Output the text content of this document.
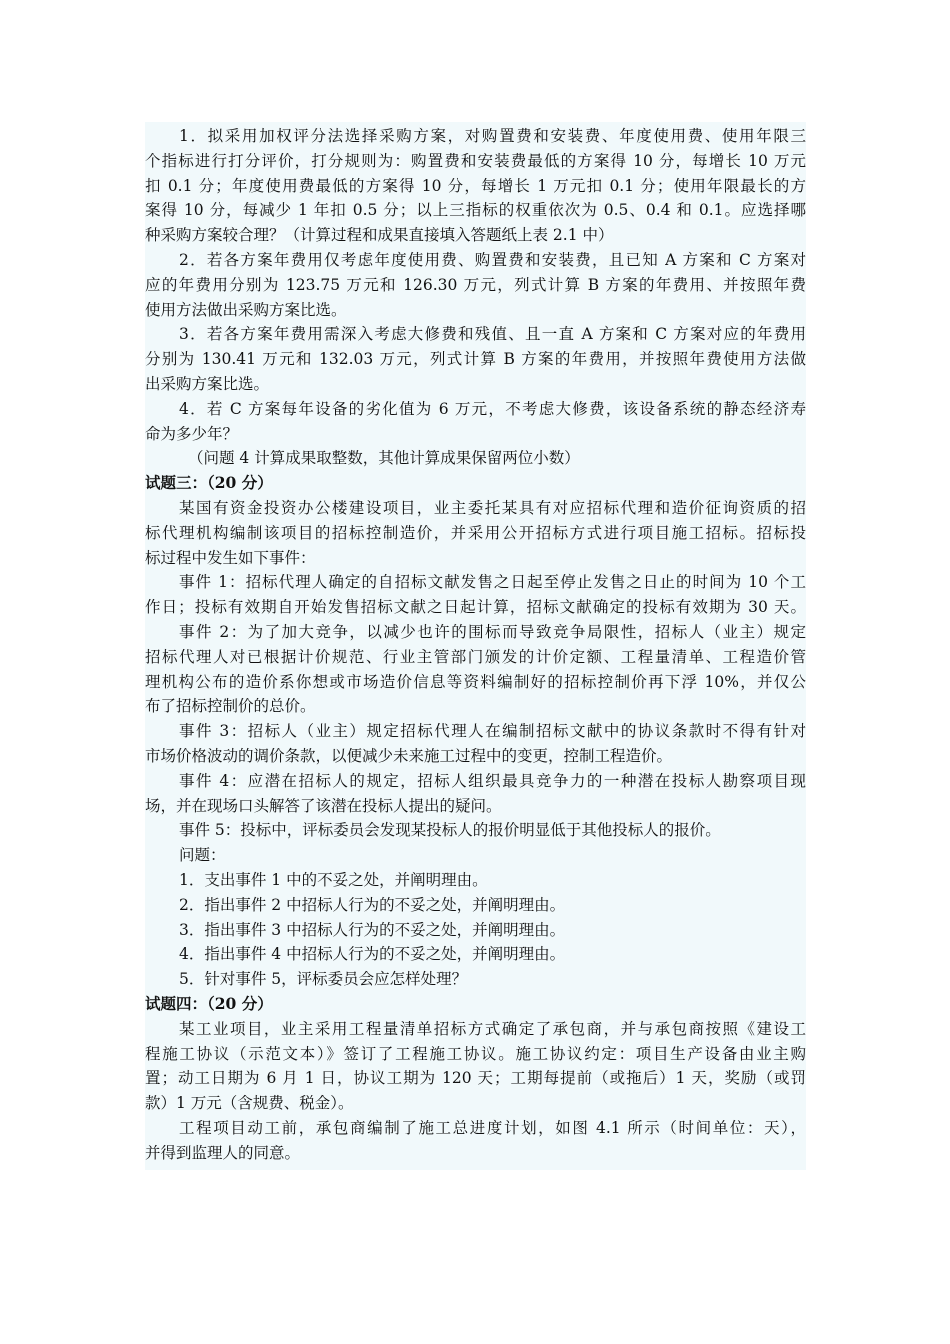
1．拟采用加权评分法选择采购方案，对购置费和安装费、年度使用费、使用年限三
个指标进行打分评价，打分规则为：购置费和安装费最低的方案得 10 分，每增长 10 万元
扣 0.1 分；年度使用费最低的方案得 10 分，每增长 1 万元扣 0.1 分；使用年限最长的方
案得 10 分，每减少 1 年扣 0.5 分；以上三指标的权重依次为 0.5、0.4 和 0.1。应选择哪
种采购方案较合理？（计算过程和成果直接填入答题纸上表 2.1 中）
2．若各方案年费用仅考虑年度使用费、购置费和安装费，且已知 A 方案和 C 方案对
应的年费用分别为 123.75 万元和 126.30 万元，列式计算 B 方案的年费用、并按照年费
使用方法做出采购方案比选。
3．若各方案年费用需深入考虑大修费和残值、且一直 A 方案和 C 方案对应的年费用
分别为 130.41 万元和 132.03 万元，列式计算 B 方案的年费用，并按照年费使用方法做
出采购方案比选。
4．若 C 方案每年设备的劣化值为 6 万元，不考虑大修费，该设备系统的静态经济寿
命为多少年？
（问题 4 计算成果取整数，其他计算成果保留两位小数）
试题三：（20 分）
某国有资金投资办公楼建设项目，业主委托某具有对应招标代理和造价征询资质的招
标代理机构编制该项目的招标控制造价，并采用公开招标方式进行项目施工招标。招标投
标过程中发生如下事件：
事件 1：招标代理人确定的自招标文献发售之日起至停止发售之日止的时间为 10 个工
作日；投标有效期自开始发售招标文献之日起计算，招标文献确定的投标有效期为 30 天。
事件 2：为了加大竞争，以减少也许的围标而导致竞争局限性，招标人（业主）规定
招标代理人对已根据计价规范、行业主管部门颁发的计价定额、工程量清单、工程造价管
理机构公布的造价系你想或市场造价信息等资料编制好的招标控制价再下浮 10%，并仅公
布了招标控制价的总价。
事件 3：招标人（业主）规定招标代理人在编制招标文献中的协议条款时不得有针对
市场价格波动的调价条款，以便减少未来施工过程中的变更，控制工程造价。
事件 4：应潜在招标人的规定，招标人组织最具竞争力的一种潜在投标人勘察项目现
场，并在现场口头解答了该潜在投标人提出的疑问。
事件 5：投标中，评标委员会发现某投标人的报价明显低于其他投标人的报价。
问题：
1．支出事件 1 中的不妥之处，并阐明理由。
2．指出事件 2 中招标人行为的不妥之处，并阐明理由。
3．指出事件 3 中招标人行为的不妥之处，并阐明理由。
4．指出事件 4 中招标人行为的不妥之处，并阐明理由。
5．针对事件 5，评标委员会应怎样处理？
试题四：（20 分）
某工业项目，业主采用工程量清单招标方式确定了承包商，并与承包商按照《建设工
程施工协议（示范文本）》签订了工程施工协议。施工协议约定：项目生产设备由业主购
置；动工日期为 6 月 1 日，协议工期为 120 天；工期每提前（或拖后）1 天，奖励（或罚
款）1 万元（含规费、税金）。
工程项目动工前，承包商编制了施工总进度计划，如图 4.1 所示（时间单位：天），
并得到监理人的同意。
